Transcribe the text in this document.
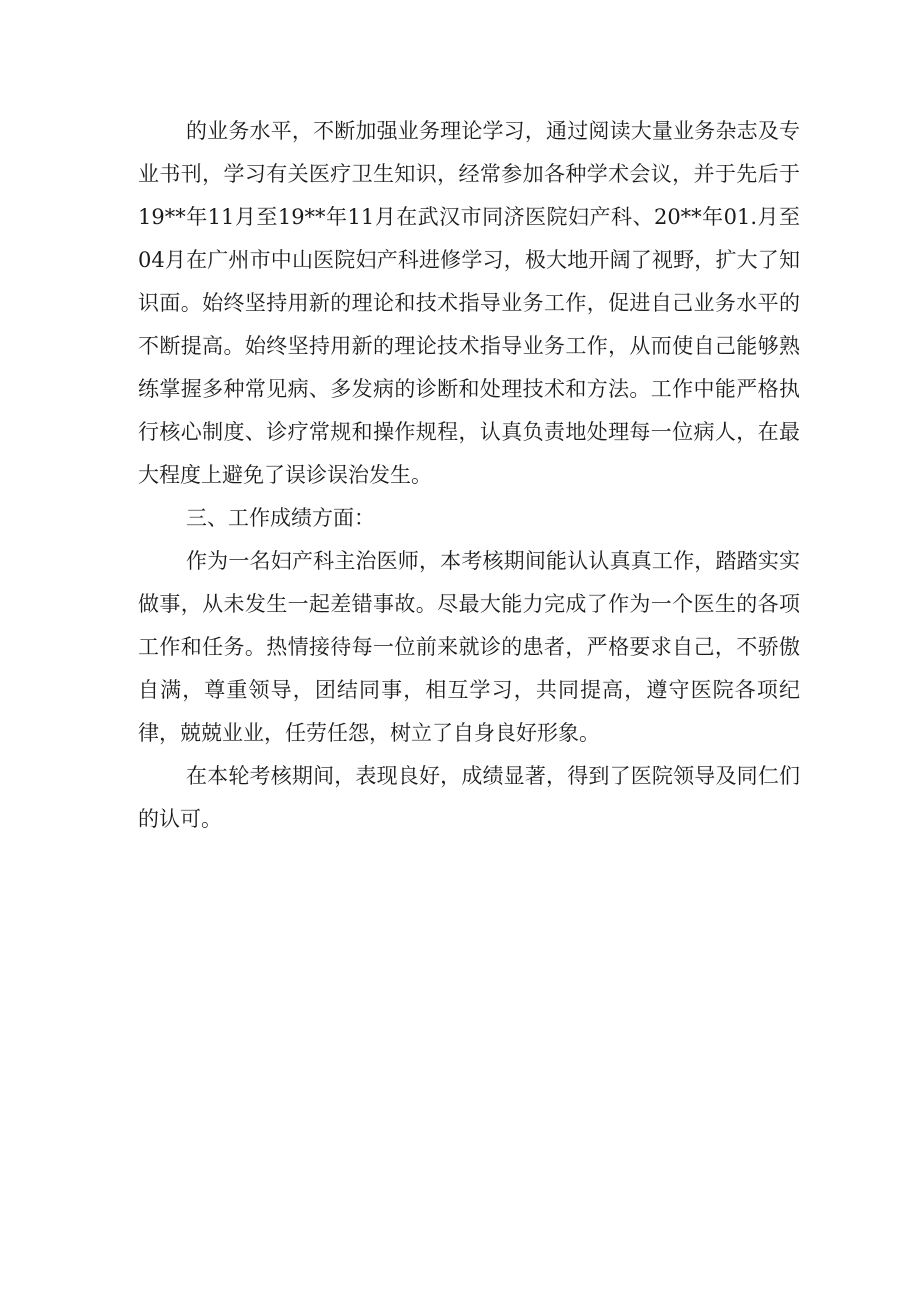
的业务水平，不断加强业务理论学习，通过阅读大量业务杂志及专业书刊，学习有关医疗卫生知识，经常参加各种学术会议，并于先后于19**年11月至19**年11月在武汉市同济医院妇产科、20**年01.月至04月在广州市中山医院妇产科进修学习，极大地开阔了视野，扩大了知识面。始终坚持用新的理论和技术指导业务工作，促进自己业务水平的不断提高。始终坚持用新的理论技术指导业务工作，从而使自己能够熟练掌握多种常见病、多发病的诊断和处理技术和方法。工作中能严格执行核心制度、诊疗常规和操作规程，认真负责地处理每一位病人，在最大程度上避免了误诊误治发生。

三、工作成绩方面：

作为一名妇产科主治医师，本考核期间能认认真真工作，踏踏实实做事，从未发生一起差错事故。尽最大能力完成了作为一个医生的各项工作和任务。热情接待每一位前来就诊的患者，严格要求自己，不骄傲自满，尊重领导，团结同事，相互学习，共同提高，遵守医院各项纪律，兢兢业业，任劳任怨，树立了自身良好形象。

在本轮考核期间，表现良好，成绩显著，得到了医院领导及同仁们的认可。
